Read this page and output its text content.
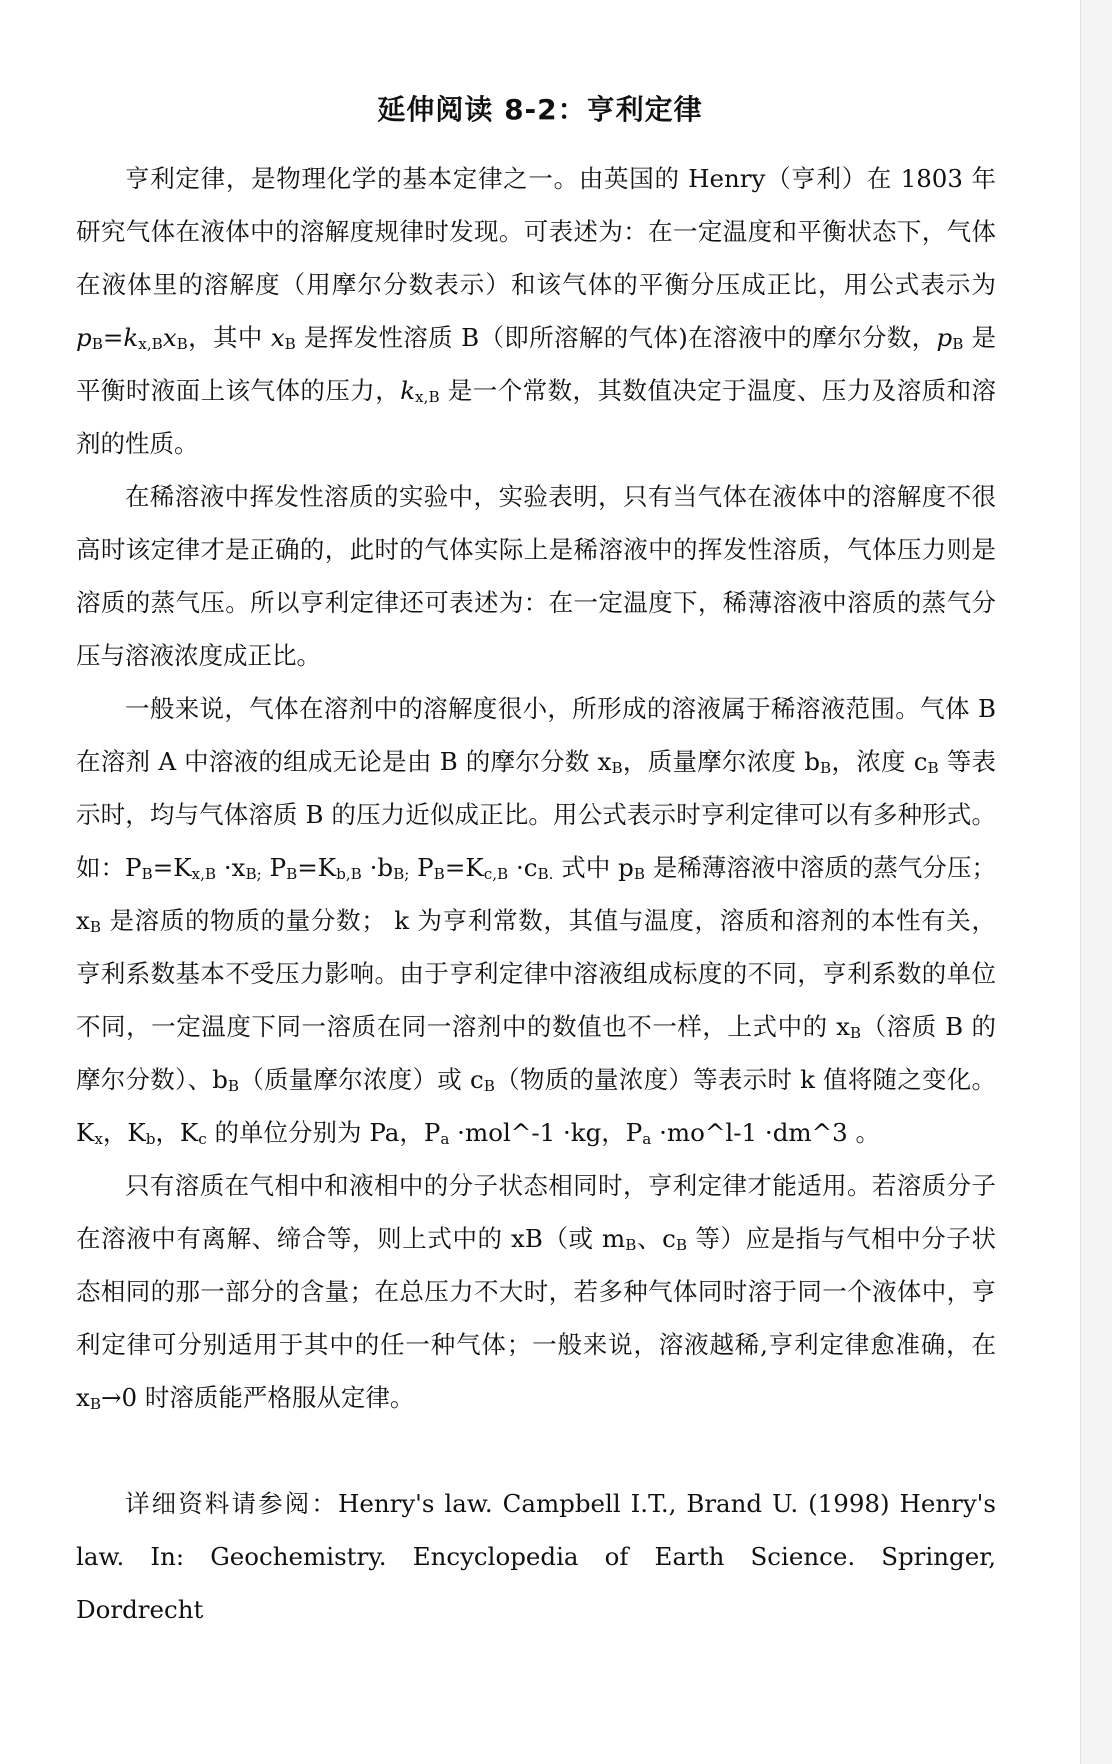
延伸阅读 8-2：亨利定律

亨利定律，是物理化学的基本定律之一。由英国的 Henry（亨利）在 1803 年研究气体在液体中的溶解度规律时发现。可表述为：在一定温度和平衡状态下，气体在液体里的溶解度（用摩尔分数表示）和该气体的平衡分压成正比，用公式表示为 $p_B=k_{x,B}x_B$，其中 $x_B$ 是挥发性溶质 B（即所溶解的气体)在溶液中的摩尔分数，$p_B$ 是平衡时液面上该气体的压力，$k_{x,B}$ 是一个常数，其数值决定于温度、压力及溶质和溶剂的性质。

在稀溶液中挥发性溶质的实验中，实验表明，只有当气体在液体中的溶解度不很高时该定律才是正确的，此时的气体实际上是稀溶液中的挥发性溶质，气体压力则是溶质的蒸气压。所以亨利定律还可表述为：在一定温度下，稀薄溶液中溶质的蒸气分压与溶液浓度成正比。

一般来说，气体在溶剂中的溶解度很小，所形成的溶液属于稀溶液范围。气体 B 在溶剂 A 中溶液的组成无论是由 B 的摩尔分数 $x_B$，质量摩尔浓度 $b_B$，浓度 $c_B$ 等表示时，均与气体溶质 B 的压力近似成正比。用公式表示时亨利定律可以有多种形式。如：$P_B=K_{x,B} \cdot x_{B;}$ $P_B=K_{b,B} \cdot b_{B;}$ $P_B=K_{c,B} \cdot c_{B.}$ 式中 $p_B$ 是稀薄溶液中溶质的蒸气分压；$x_B$ 是溶质的物质的量分数； k 为亨利常数，其值与温度，溶质和溶剂的本性有关，亨利系数基本不受压力影响。由于亨利定律中溶液组成标度的不同，亨利系数的单位不同，一定温度下同一溶质在同一溶剂中的数值也不一样，上式中的 $x_B$（溶质 B 的摩尔分数）、$b_B$（质量摩尔浓度）或 $c_B$（物质的量浓度）等表示时 k 值将随之变化。$K_x$，$K_b$，$K_c$ 的单位分别为 Pa，$P_a$ ·mol^-1 ·kg，$P_a$ ·mo^l-1 ·dm^3 。

只有溶质在气相中和液相中的分子状态相同时，亨利定律才能适用。若溶质分子在溶液中有离解、缔合等，则上式中的 xB（或 $m_B$、$c_B$ 等）应是指与气相中分子状态相同的那一部分的含量；在总压力不大时，若多种气体同时溶于同一个液体中，亨利定律可分别适用于其中的任一种气体；一般来说，溶液越稀,亨利定律愈准确，在 $x_B\to 0$ 时溶质能严格服从定律。

详细资料请参阅：Henry's law. Campbell I.T., Brand U. (1998) Henry's law. In: Geochemistry. Encyclopedia of Earth Science. Springer, Dordrecht
